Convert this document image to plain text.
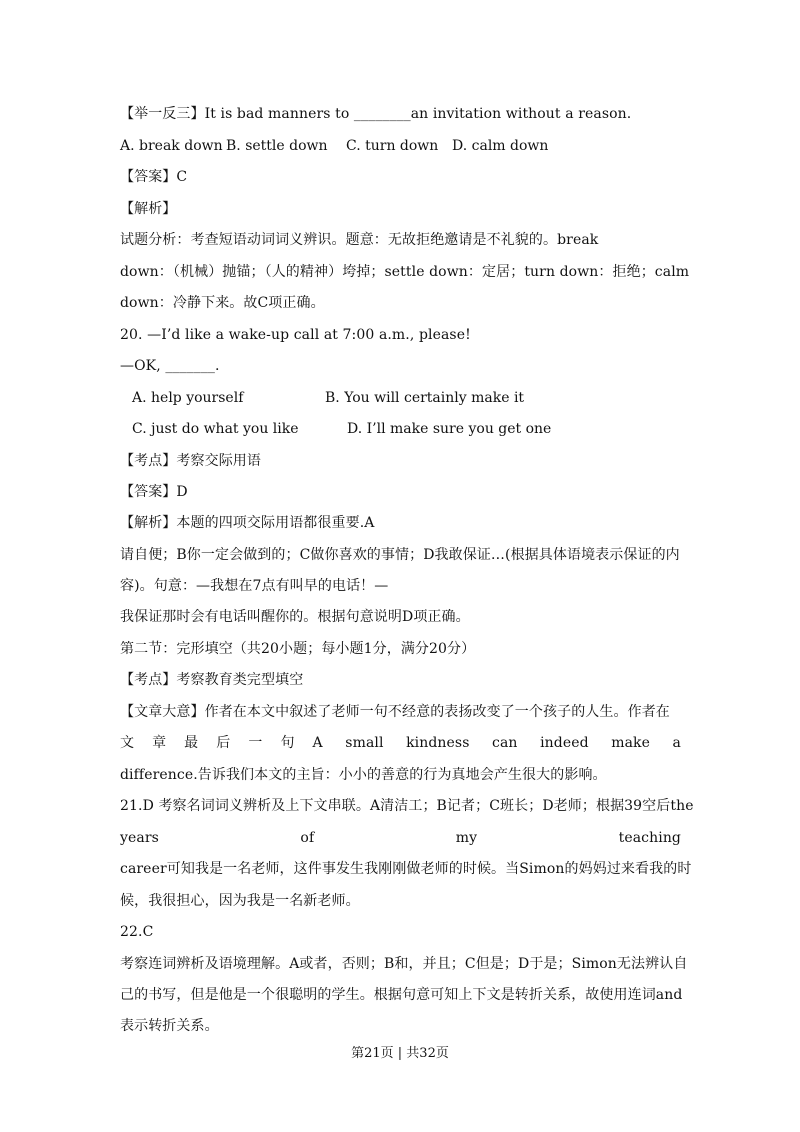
【举一反三】It is bad manners to ________an invitation without a reason.
A. break down B. settle down C. turn down D. calm down
【答案】C
【解析】
试题分析：考查短语动词词义辨识。题意：无故拒绝邀请是不礼貌的。break
down：（机械）抛锚；（人的精神）垮掉；settle down：定居；turn down：拒绝；calm
down：冷静下来。故C项正确。
20. —I’d like a wake-up call at 7:00 a.m., please!
—OK, _______.
A. help yourself	B. You will certainly make it
C. just do what you like	D. I’ll make sure you get one
【考点】考察交际用语
【答案】D
【解析】本题的四项交际用语都很重要.A
请自便；B你一定会做到的；C做你喜欢的事情；D我敢保证…(根据具体语境表示保证的内
容)。句意：—我想在7点有叫早的电话！—
我保证那时会有电话叫醒你的。根据句意说明D项正确。
第二节：完形填空（共20小题；每小题1分，满分20分）
【考点】考察教育类完型填空
【文章大意】作者在本文中叙述了老师一句不经意的表扬改变了一个孩子的人生。作者在
文章最后一句A small kindness can indeed make a
difference.告诉我们本文的主旨：小小的善意的行为真地会产生很大的影响。
21.D 考察名词词义辨析及上下文串联。A清洁工；B记者；C班长；D老师；根据39空后the
years of my teaching
career可知我是一名老师，这件事发生我刚刚做老师的时候。当Simon的妈妈过来看我的时
候，我很担心，因为我是一名新老师。
22.C
考察连词辨析及语境理解。A或者，否则；B和，并且；C但是；D于是；Simon无法辨认自
己的书写，但是他是一个很聪明的学生。根据句意可知上下文是转折关系，故使用连词and
表示转折关系。
第21页 | 共32页
